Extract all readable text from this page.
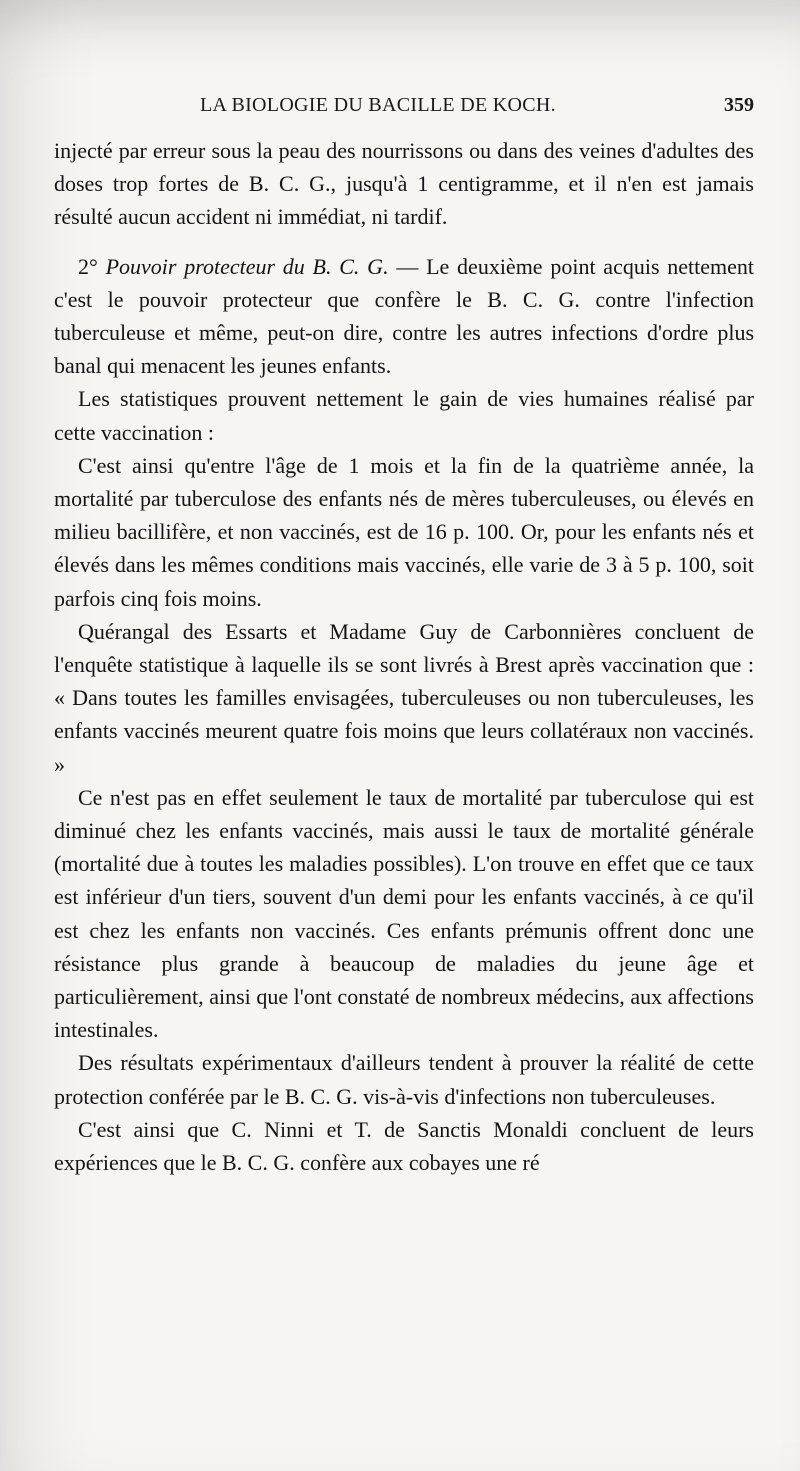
LA BIOLOGIE DU BACILLE DE KOCH.	359

injecté par erreur sous la peau des nourrissons ou dans des veines d'adultes des doses trop fortes de B. C. G., jusqu'à 1 centigramme, et il n'en est jamais résulté aucun accident ni immédiat, ni tardif.

2° Pouvoir protecteur du B. C. G. — Le deuxième point acquis nettement c'est le pouvoir protecteur que confère le B. C. G. contre l'infection tuberculeuse et même, peut-on dire, contre les autres infections d'ordre plus banal qui menacent les jeunes enfants.

Les statistiques prouvent nettement le gain de vies humaines réalisé par cette vaccination :

C'est ainsi qu'entre l'âge de 1 mois et la fin de la quatrième année, la mortalité par tuberculose des enfants nés de mères tuberculeuses, ou élevés en milieu bacillifère, et non vaccinés, est de 16 p. 100. Or, pour les enfants nés et élevés dans les mêmes conditions mais vaccinés, elle varie de 3 à 5 p. 100, soit parfois cinq fois moins.

Quérangal des Essarts et Madame Guy de Carbonnières concluent de l'enquête statistique à laquelle ils se sont livrés à Brest après vaccination que : « Dans toutes les familles envisagées, tuberculeuses ou non tuberculeuses, les enfants vaccinés meurent quatre fois moins que leurs collatéraux non vaccinés. »

Ce n'est pas en effet seulement le taux de mortalité par tuberculose qui est diminué chez les enfants vaccinés, mais aussi le taux de mortalité générale (mortalité due à toutes les maladies possibles). L'on trouve en effet que ce taux est inférieur d'un tiers, souvent d'un demi pour les enfants vaccinés, à ce qu'il est chez les enfants non vaccinés. Ces enfants prémunis offrent donc une résistance plus grande à beaucoup de maladies du jeune âge et particulièrement, ainsi que l'ont constaté de nombreux médecins, aux affections intestinales.

Des résultats expérimentaux d'ailleurs tendent à prouver la réalité de cette protection conférée par le B. C. G. vis-à-vis d'infections non tuberculeuses.

C'est ainsi que C. Ninni et T. de Sanctis Monaldi concluent de leurs expériences que le B. C. G. confère aux cobayes une ré
